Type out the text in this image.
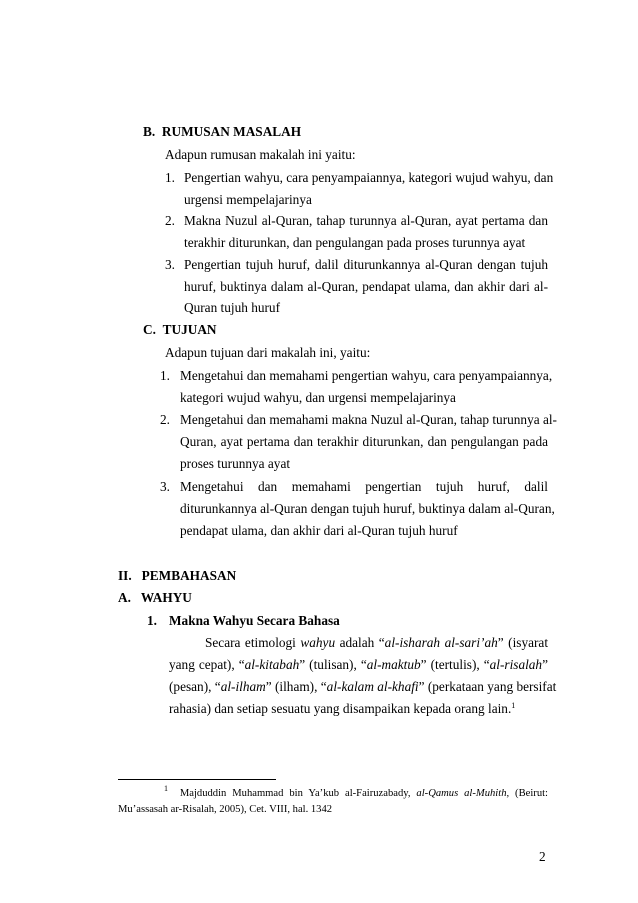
B. RUMUSAN MASALAH
Adapun rumusan makalah ini yaitu:
1. Pengertian wahyu, cara penyampaiannya, kategori wujud wahyu, dan
urgensi mempelajarinya
2. Makna Nuzul al-Quran, tahap turunnya al-Quran, ayat pertama dan
terakhir diturunkan, dan pengulangan pada proses turunnya ayat
3. Pengertian tujuh huruf, dalil diturunkannya al-Quran dengan tujuh
huruf, buktinya dalam al-Quran, pendapat ulama, dan akhir dari al-
Quran tujuh huruf
C. TUJUAN
Adapun tujuan dari makalah ini, yaitu:
1. Mengetahui dan memahami pengertian wahyu, cara penyampaiannya,
kategori wujud wahyu, dan urgensi mempelajarinya
2. Mengetahui dan memahami makna Nuzul al-Quran, tahap turunnya al-
Quran, ayat pertama dan terakhir diturunkan, dan pengulangan pada
proses turunnya ayat
3. Mengetahui dan memahami pengertian tujuh huruf, dalil
diturunkannya al-Quran dengan tujuh huruf, buktinya dalam al-Quran,
pendapat ulama, dan akhir dari al-Quran tujuh huruf
II. PEMBAHASAN
A. WAHYU
1. Makna Wahyu Secara Bahasa
Secara etimologi wahyu adalah “al-isharah al-sari’ah” (isyarat
yang cepat), “al-kitabah” (tulisan), “al-maktub” (tertulis), “al-risalah”
(pesan), “al-ilham” (ilham), “al-kalam al-khafi” (perkataan yang bersifat
rahasia) dan setiap sesuatu yang disampaikan kepada orang lain.$^1$
$^1$ Majduddin Muhammad bin Ya’kub al-Fairuzabady, al-Qamus al-Muhith, (Beirut:
Mu’assasah ar-Risalah, 2005), Cet. VIII, hal. 1342
2
